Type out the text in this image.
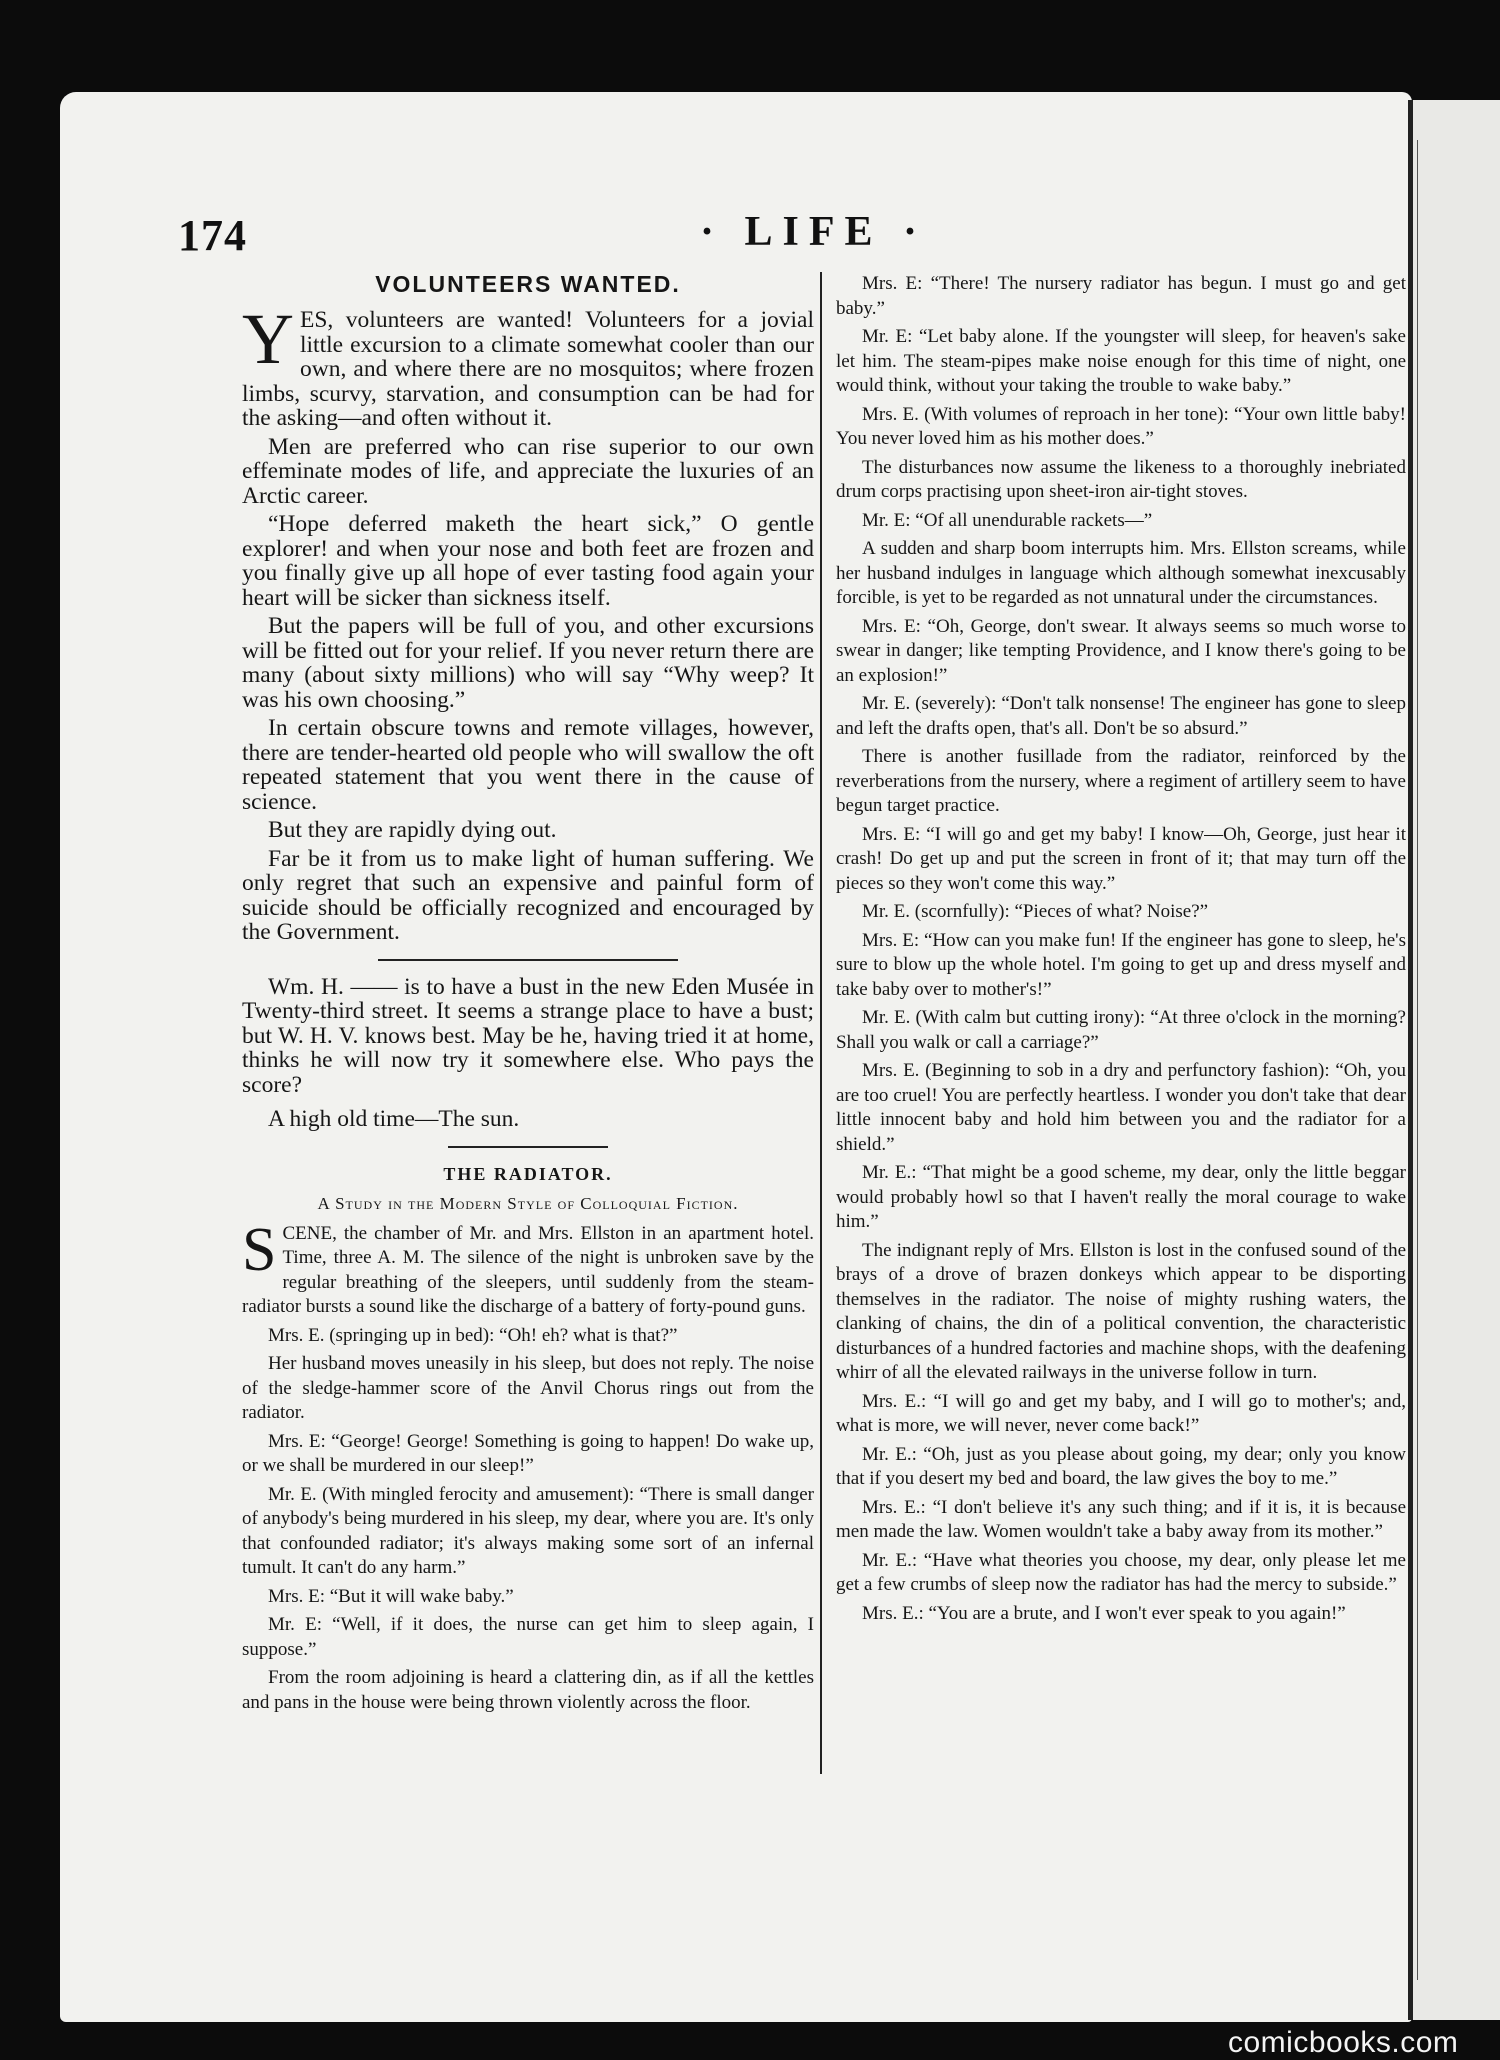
174	· LIFE ·
VOLUNTEERS WANTED.

YES, volunteers are wanted! Volunteers for a jovial little excursion to a climate somewhat cooler than our own, and where there are no mosquitos; where frozen limbs, scurvy, starvation, and consumption can be had for the asking—and often without it.

Men are preferred who can rise superior to our own effeminate modes of life, and appreciate the luxuries of an Arctic career.

“Hope deferred maketh the heart sick,” O gentle explorer! and when your nose and both feet are frozen and you finally give up all hope of ever tasting food again your heart will be sicker than sickness itself.

But the papers will be full of you, and other excursions will be fitted out for your relief. If you never return there are many (about sixty millions) who will say “Why weep? It was his own choosing.”

In certain obscure towns and remote villages, however, there are tender-hearted old people who will swallow the oft repeated statement that you went there in the cause of science.

But they are rapidly dying out.

Far be it from us to make light of human suffering. We only regret that such an expensive and painful form of suicide should be officially recognized and encouraged by the Government.

Wm. H. —— is to have a bust in the new Eden Musée in Twenty-third street. It seems a strange place to have a bust; but W. H. V. knows best. May be he, having tried it at home, thinks he will now try it somewhere else. Who pays the score?

A high old time—The sun.

THE RADIATOR.
A Study in the Modern Style of Colloquial Fiction.

SCENE, the chamber of Mr. and Mrs. Ellston in an apartment hotel. Time, three A. M. The silence of the night is unbroken save by the regular breathing of the sleepers, until suddenly from the steam-radiator bursts a sound like the discharge of a battery of forty-pound guns.

Mrs. E. (springing up in bed): “Oh! eh? what is that?”

Her husband moves uneasily in his sleep, but does not reply. The noise of the sledge-hammer score of the Anvil Chorus rings out from the radiator.

Mrs. E: “George! George! Something is going to happen! Do wake up, or we shall be murdered in our sleep!”

Mr. E. (With mingled ferocity and amusement): “There is small danger of anybody's being murdered in his sleep, my dear, where you are. It's only that confounded radiator; it's always making some sort of an infernal tumult. It can't do any harm.”

Mrs. E: “But it will wake baby.”

Mr. E: “Well, if it does, the nurse can get him to sleep again, I suppose.”

From the room adjoining is heard a clattering din, as if all the kettles and pans in the house were being thrown violently across the floor.

Mrs. E: “There! The nursery radiator has begun. I must go and get baby.”

Mr. E: “Let baby alone. If the youngster will sleep, for heaven's sake let him. The steam-pipes make noise enough for this time of night, one would think, without your taking the trouble to wake baby.”

Mrs. E. (With volumes of reproach in her tone): “Your own little baby! You never loved him as his mother does.”

The disturbances now assume the likeness to a thoroughly inebriated drum corps practising upon sheet-iron air-tight stoves.

Mr. E: “Of all unendurable rackets—”

A sudden and sharp boom interrupts him. Mrs. Ellston screams, while her husband indulges in language which although somewhat inexcusably forcible, is yet to be regarded as not unnatural under the circumstances.

Mrs. E: “Oh, George, don't swear. It always seems so much worse to swear in danger; like tempting Providence, and I know there's going to be an explosion!”

Mr. E. (severely): “Don't talk nonsense! The engineer has gone to sleep and left the drafts open, that's all. Don't be so absurd.”

There is another fusillade from the radiator, reinforced by the reverberations from the nursery, where a regiment of artillery seem to have begun target practice.

Mrs. E: “I will go and get my baby! I know—Oh, George, just hear it crash! Do get up and put the screen in front of it; that may turn off the pieces so they won't come this way.”

Mr. E. (scornfully): “Pieces of what? Noise?”

Mrs. E: “How can you make fun! If the engineer has gone to sleep, he's sure to blow up the whole hotel. I'm going to get up and dress myself and take baby over to mother's!”

Mr. E. (With calm but cutting irony): “At three o'clock in the morning? Shall you walk or call a carriage?”

Mrs. E. (Beginning to sob in a dry and perfunctory fashion): “Oh, you are too cruel! You are perfectly heartless. I wonder you don't take that dear little innocent baby and hold him between you and the radiator for a shield.”

Mr. E.: “That might be a good scheme, my dear, only the little beggar would probably howl so that I haven't really the moral courage to wake him.”

The indignant reply of Mrs. Ellston is lost in the confused sound of the brays of a drove of brazen donkeys which appear to be disporting themselves in the radiator. The noise of mighty rushing waters, the clanking of chains, the din of a political convention, the characteristic disturbances of a hundred factories and machine shops, with the deafening whirr of all the elevated railways in the universe follow in turn.

Mrs. E.: “I will go and get my baby, and I will go to mother's; and, what is more, we will never, never come back!”

Mr. E.: “Oh, just as you please about going, my dear; only you know that if you desert my bed and board, the law gives the boy to me.”

Mrs. E.: “I don't believe it's any such thing; and if it is, it is because men made the law. Women wouldn't take a baby away from its mother.”

Mr. E.: “Have what theories you choose, my dear, only please let me get a few crumbs of sleep now the radiator has had the mercy to subside.”

Mrs. E.: “You are a brute, and I won't ever speak to you again!”

comicbooks.com
